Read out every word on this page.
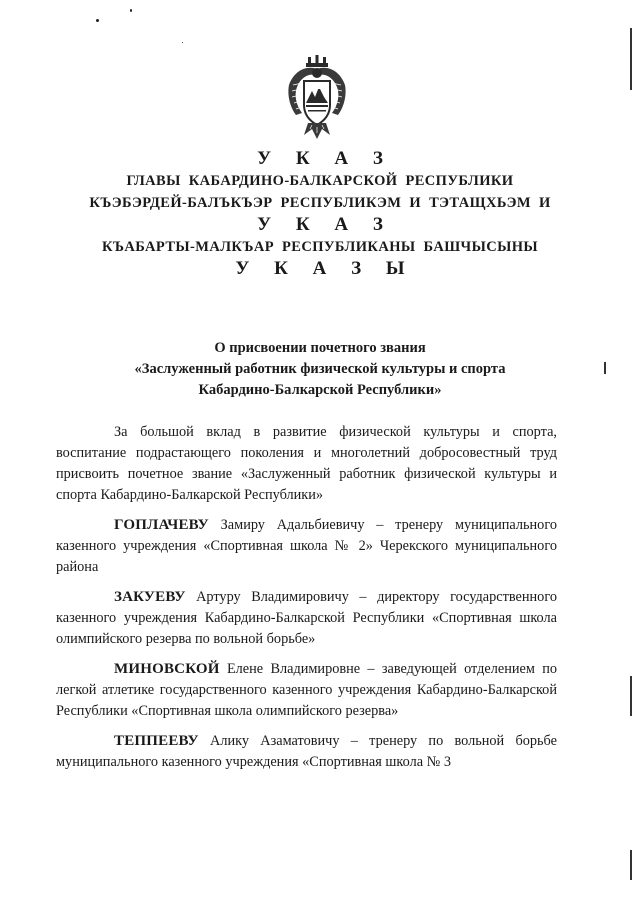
У К А З
ГЛАВЫ КАБАРДИНО-БАЛКАРСКОЙ РЕСПУБЛИКИ
КЪЭБЭРДЕЙ-БАЛЪКЪЭР РЕСПУБЛИКЭМ И ТЭТАЩХЬЭМ И
У К А З
КЪАБАРТЫ-МАЛКЪАР РЕСПУБЛИКАНЫ БАШЧЫСЫНЫ
У К А З Ы
О присвоении почетного звания
«Заслуженный работник физической культуры и спорта
Кабардино-Балкарской Республики»

За большой вклад в развитие физической культуры и спорта, воспитание подрастающего поколения и многолетний добросовестный труд присвоить почетное звание «Заслуженный работник физической культуры и спорта Кабардино-Балкарской Республики»

ГОПЛАЧЕВУ Замиру Адальбиевичу – тренеру муниципального казенного учреждения «Спортивная школа № 2» Черекского муниципального района

ЗАКУЕВУ Артуру Владимировичу – директору государственного казенного учреждения Кабардино-Балкарской Республики «Спортивная школа олимпийского резерва по вольной борьбе»

МИНОВСКОЙ Елене Владимировне – заведующей отделением по легкой атлетике государственного казенного учреждения Кабардино-Балкарской Республики «Спортивная школа олимпийского резерва»

ТЕППЕЕВУ Алику Азаматовичу – тренеру по вольной борьбе муниципального казенного учреждения «Спортивная школа № 3
